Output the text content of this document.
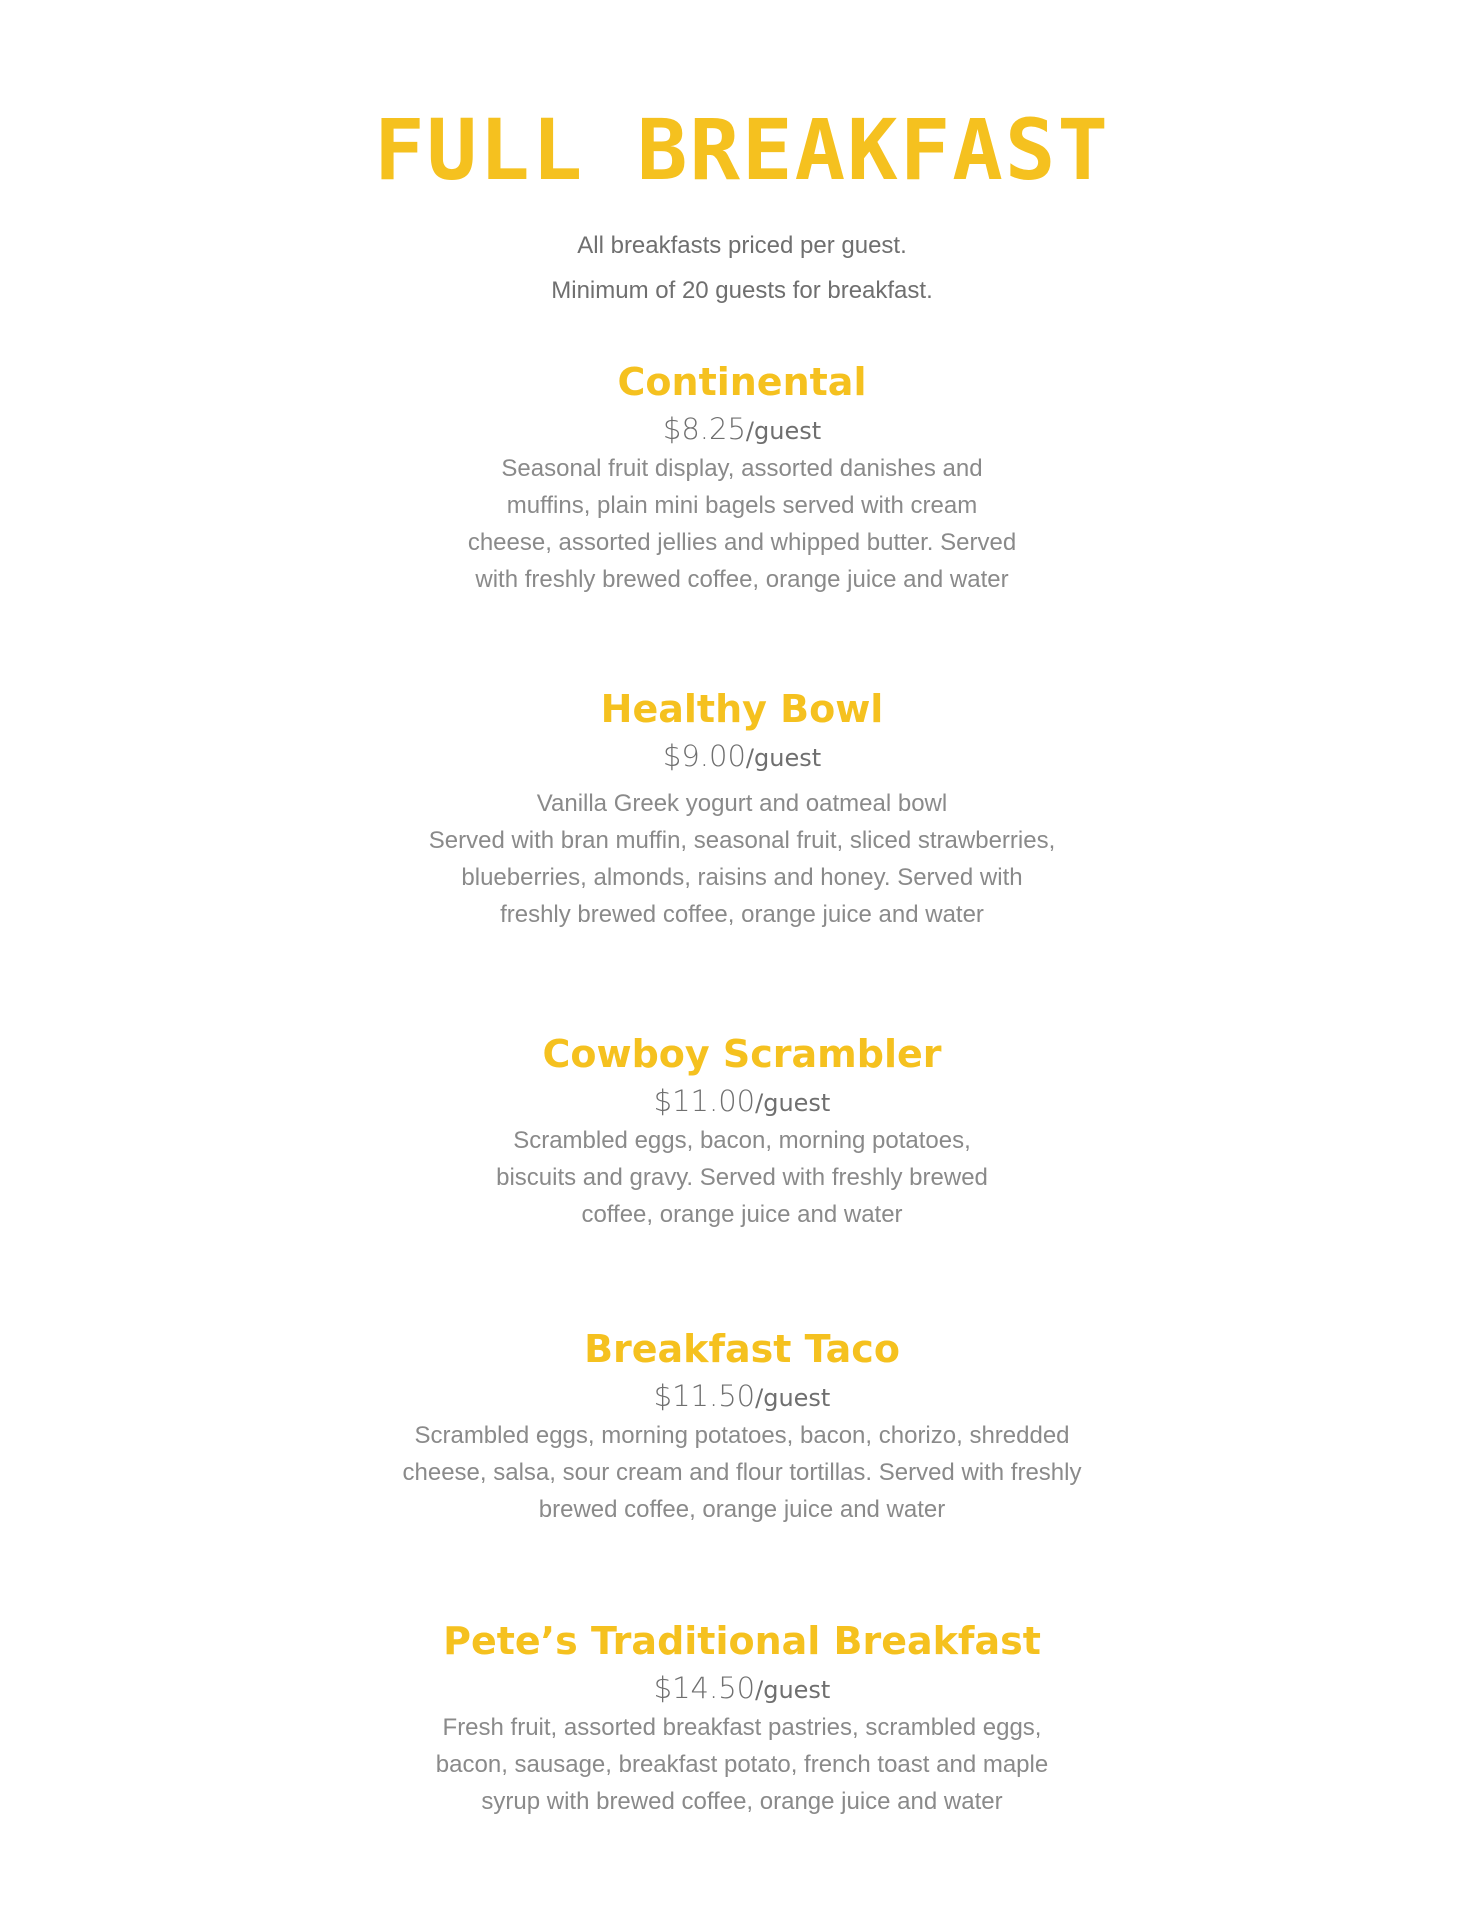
FULL BREAKFAST
All breakfasts priced per guest.
Minimum of 20 guests for breakfast.
Continental
$8.25/guest
Seasonal fruit display, assorted danishes and
muffins, plain mini bagels served with cream
cheese, assorted jellies and whipped butter. Served
with freshly brewed coffee, orange juice and water
Healthy Bowl
$9.00/guest
Vanilla Greek yogurt and oatmeal bowl
Served with bran muffin, seasonal fruit, sliced strawberries,
blueberries, almonds, raisins and honey. Served with
freshly brewed coffee, orange juice and water
Cowboy Scrambler
$11.00/guest
Scrambled eggs, bacon, morning potatoes,
biscuits and gravy. Served with freshly brewed
coffee, orange juice and water
Breakfast Taco
$11.50/guest
Scrambled eggs, morning potatoes, bacon, chorizo, shredded
cheese, salsa, sour cream and flour tortillas. Served with freshly
brewed coffee, orange juice and water
Pete’s Traditional Breakfast
$14.50/guest
Fresh fruit, assorted breakfast pastries, scrambled eggs,
bacon, sausage, breakfast potato, french toast and maple
syrup with brewed coffee, orange juice and water
